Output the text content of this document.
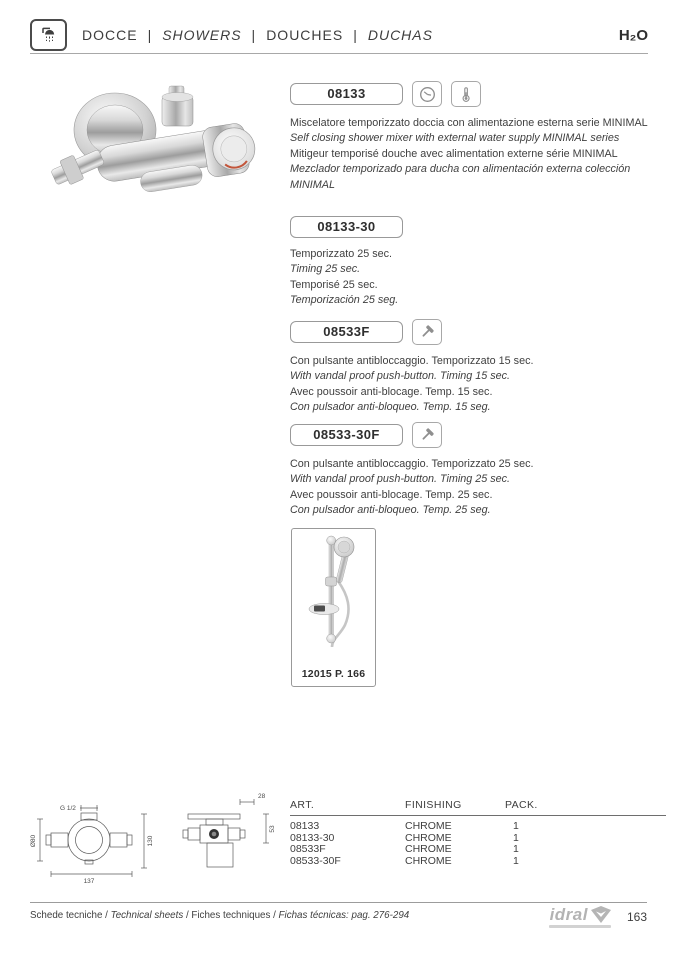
DOCCE | SHOWERS | DOUCHES | DUCHAS	H₂O
08133
Miscelatore temporizzato doccia con alimentazione esterna serie MINIMAL
Self closing shower mixer with external water supply MINIMAL series
Mitigeur temporisé douche avec alimentation externe série MINIMAL
Mezclador temporizado para ducha con alimentación externa colección MINIMAL
08133-30
Temporizzato 25 sec.
Timing 25 sec.
Temporisé 25 sec.
Temporización 25 seg.
08533F
Con pulsante antibloccaggio. Temporizzato 15 sec.
With vandal proof push-button. Timing 15 sec.
Avec poussoir anti-blocage. Temp. 15 sec.
Con pulsador anti-bloqueo. Temp. 15 seg.
08533-30F
Con pulsante antibloccaggio. Temporizzato 25 sec.
With vandal proof push-button. Timing 25 sec.
Avec poussoir anti-blocage. Temp. 25 sec.
Con pulsador anti-bloqueo. Temp. 25 seg.
12015 P. 166
G 1/2
Ø80
137
130
28
53
ART.	FINISHING	PACK.
08133	CHROME	1
08133-30	CHROME	1
08533F	CHROME	1
08533-30F	CHROME	1
Schede tecniche / Technical sheets / Fiches techniques / Fichas técnicas: pag. 276-294	idral	163
